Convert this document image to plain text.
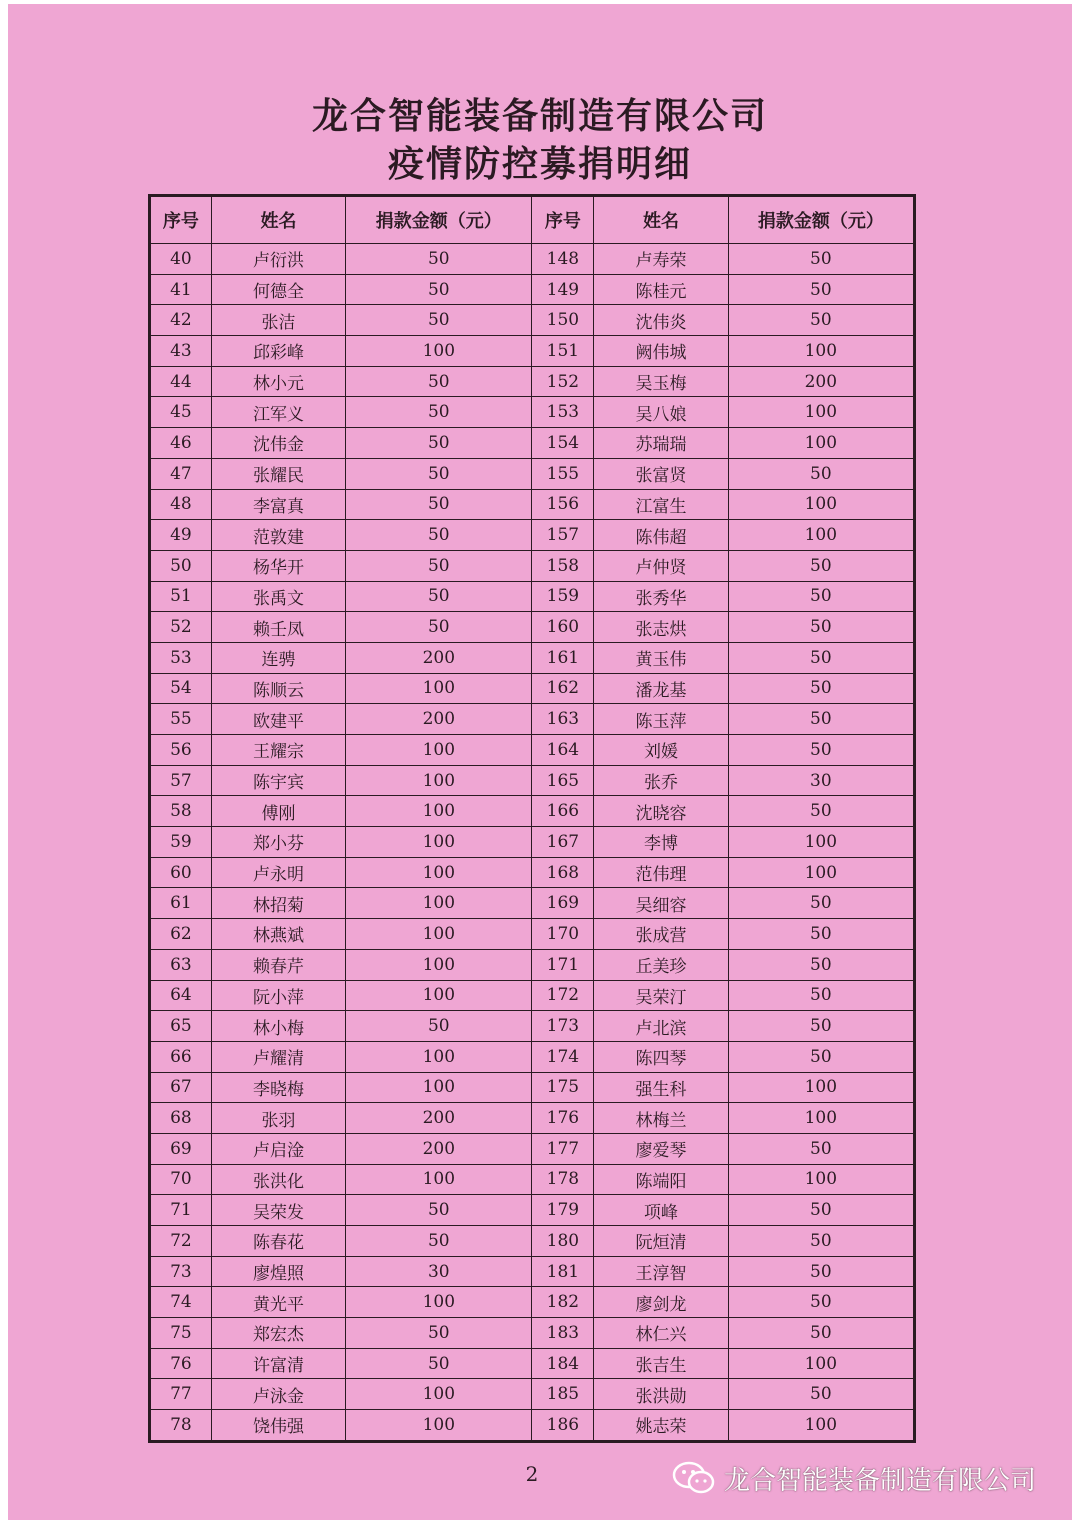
龙合智能装备制造有限公司
疫情防控募捐明细
序号	姓名	捐款金额（元）	序号	姓名	捐款金额（元）
40	卢衍洪	50	148	卢寿荣	50
41	何德全	50	149	陈桂元	50
42	张洁	50	150	沈伟炎	50
43	邱彩峰	100	151	阙伟城	100
44	林小元	50	152	吴玉梅	200
45	江军义	50	153	吴八娘	100
46	沈伟金	50	154	苏瑞瑞	100
47	张耀民	50	155	张富贤	50
48	李富真	50	156	江富生	100
49	范敦建	50	157	陈伟超	100
50	杨华开	50	158	卢仲贤	50
51	张禹文	50	159	张秀华	50
52	赖壬凤	50	160	张志烘	50
53	连骋	200	161	黄玉伟	50
54	陈顺云	100	162	潘龙基	50
55	欧建平	200	163	陈玉萍	50
56	王耀宗	100	164	刘媛	50
57	陈宇宾	100	165	张乔	30
58	傅刚	100	166	沈晓容	50
59	郑小芬	100	167	李博	100
60	卢永明	100	168	范伟理	100
61	林招菊	100	169	吴细容	50
62	林燕斌	100	170	张成营	50
63	赖春芹	100	171	丘美珍	50
64	阮小萍	100	172	吴荣汀	50
65	林小梅	50	173	卢北滨	50
66	卢耀清	100	174	陈四琴	50
67	李晓梅	100	175	强生科	100
68	张羽	200	176	林梅兰	100
69	卢启淦	200	177	廖爱琴	50
70	张洪化	100	178	陈端阳	100
71	吴荣发	50	179	项峰	50
72	陈春花	50	180	阮烜清	50
73	廖煌照	30	181	王淳智	50
74	黄光平	100	182	廖剑龙	50
75	郑宏杰	50	183	林仁兴	50
76	许富清	50	184	张吉生	100
77	卢泳金	100	185	张洪勋	50
78	饶伟强	100	186	姚志荣	100
2	龙合智能装备制造有限公司
